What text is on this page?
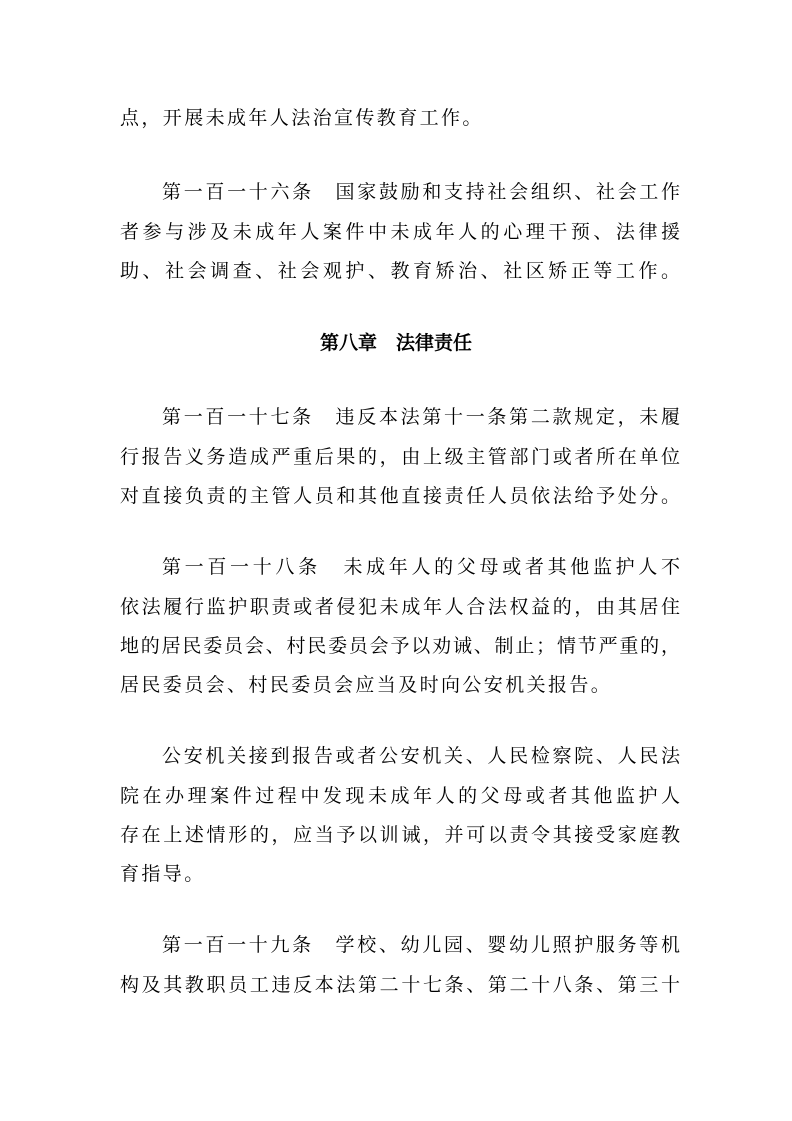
点，开展未成年人法治宣传教育工作。
第一百一十六条　国家鼓励和支持社会组织、社会工作
者参与涉及未成年人案件中未成年人的心理干预、法律援
助、社会调查、社会观护、教育矫治、社区矫正等工作。
第八章　法律责任
第一百一十七条　违反本法第十一条第二款规定，未履
行报告义务造成严重后果的，由上级主管部门或者所在单位
对直接负责的主管人员和其他直接责任人员依法给予处分。
第一百一十八条　未成年人的父母或者其他监护人不
依法履行监护职责或者侵犯未成年人合法权益的，由其居住
地的居民委员会、村民委员会予以劝诫、制止；情节严重的，
居民委员会、村民委员会应当及时向公安机关报告。
公安机关接到报告或者公安机关、人民检察院、人民法
院在办理案件过程中发现未成年人的父母或者其他监护人
存在上述情形的，应当予以训诫，并可以责令其接受家庭教
育指导。
第一百一十九条　学校、幼儿园、婴幼儿照护服务等机
构及其教职员工违反本法第二十七条、第二十八条、第三十
